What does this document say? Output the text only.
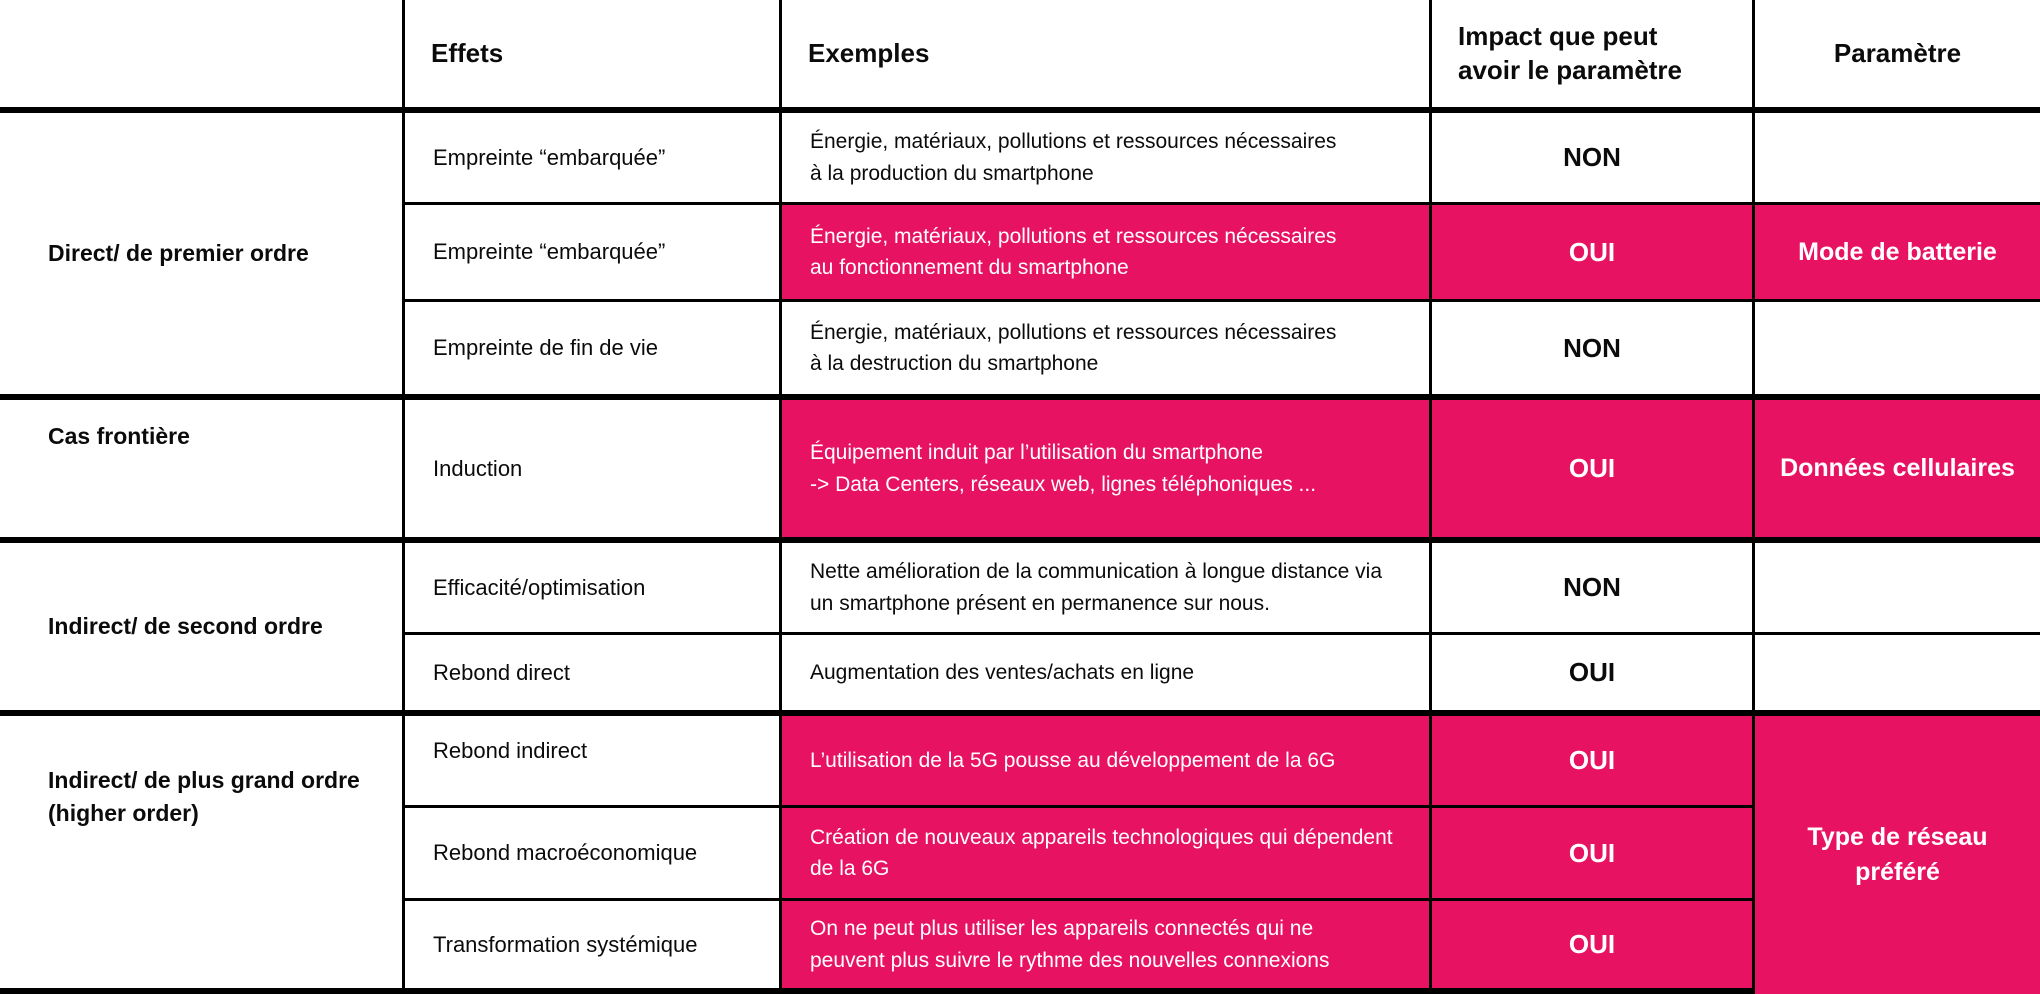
Effets	Exemples
Impact que peut
avoir le paramètre
Paramètre
Direct/ de premier ordre
Cas frontière
Indirect/ de second ordre
Indirect/ de plus grand ordre
(higher order)
Empreinte “embarquée”
Empreinte “embarquée”
Empreinte de fin de vie
Induction
Efficacité/optimisation
Rebond direct
Rebond indirect
Rebond macroéconomique
Transformation systémique
Énergie, matériaux, pollutions et ressources nécessaires
à la production du smartphone
Énergie, matériaux, pollutions et ressources nécessaires
au fonctionnement du smartphone
Énergie, matériaux, pollutions et ressources nécessaires
à la destruction du smartphone
Équipement induit par l’utilisation du smartphone
-> Data Centers, réseaux web, lignes téléphoniques ...
Nette amélioration de la communication à longue distance via
un smartphone présent en permanence sur nous.
Augmentation des ventes/achats en ligne
L’utilisation de la 5G pousse au développement de la 6G
Création de nouveaux appareils technologiques qui dépendent
de la 6G
On ne peut plus utiliser les appareils connectés qui ne
peuvent plus suivre le rythme des nouvelles connexions
NON
OUI
NON
OUI
NON
OUI
OUI
OUI
OUI
Mode de batterie
Données cellulaires
Type de réseau
préféré
